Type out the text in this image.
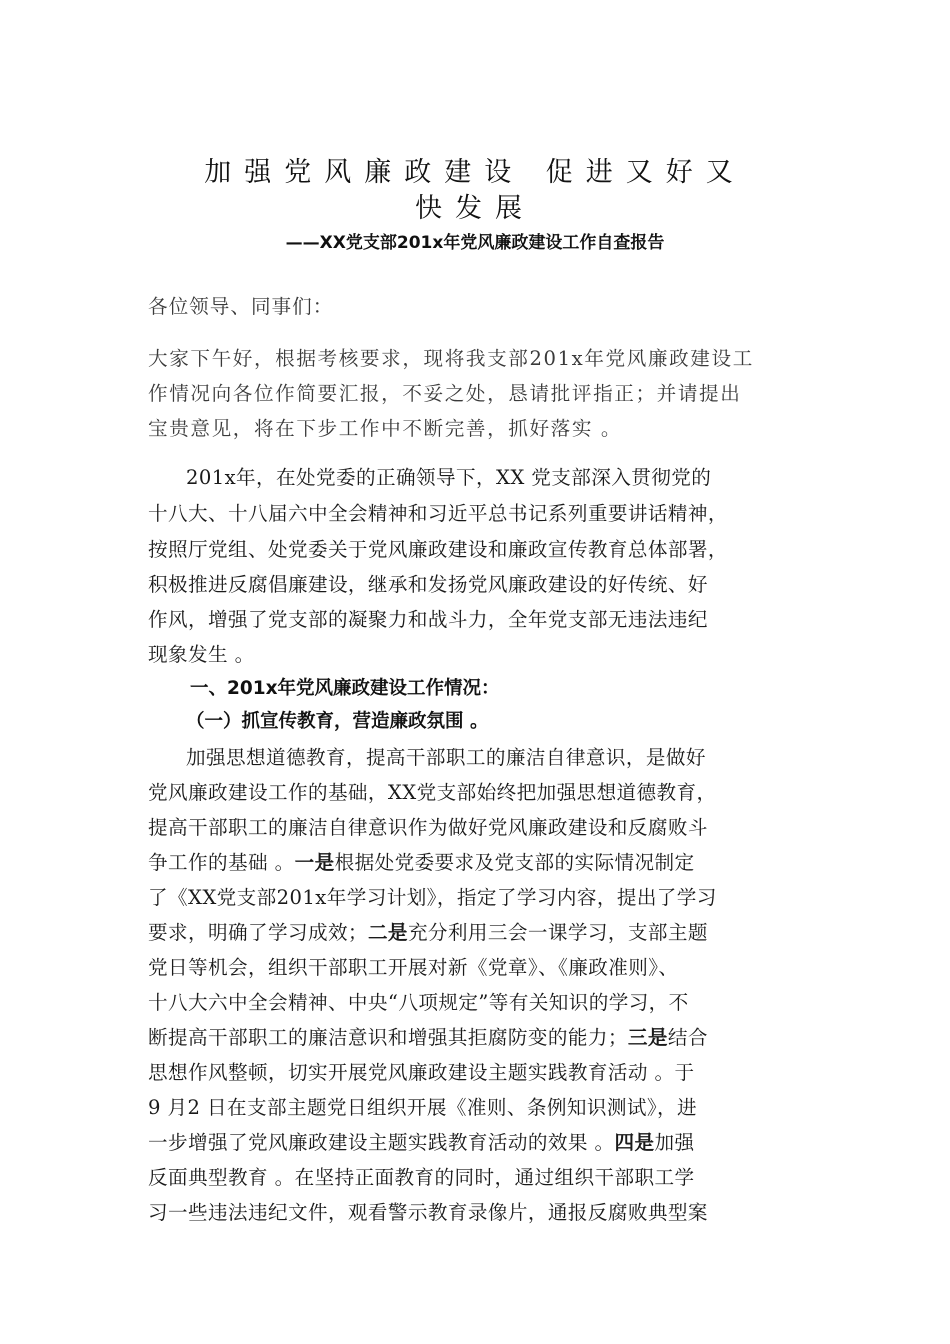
加强党风廉政建设 促进又好又
快发展
——XX党支部201x年党风廉政建设工作自查报告
各位领导、同事们：
大家下午好，根据考核要求，现将我支部201x年党风廉政建设工
作情况向各位作简要汇报，不妥之处，恳请批评指正；并请提出
宝贵意见，将在下步工作中不断完善，抓好落实 。
201x年，在处党委的正确领导下，XX 党支部深入贯彻党的
十八大、十八届六中全会精神和习近平总书记系列重要讲话精神，
按照厅党组、处党委关于党风廉政建设和廉政宣传教育总体部署，
积极推进反腐倡廉建设，继承和发扬党风廉政建设的好传统、好
作风，增强了党支部的凝聚力和战斗力，全年党支部无违法违纪
现象发生 。
一、201x年党风廉政建设工作情况：
（一）抓宣传教育，营造廉政氛围 。
加强思想道德教育，提高干部职工的廉洁自律意识，是做好
党风廉政建设工作的基础，XX党支部始终把加强思想道德教育，
提高干部职工的廉洁自律意识作为做好党风廉政建设和反腐败斗
争工作的基础 。一是根据处党委要求及党支部的实际情况制定
了《XX党支部201x年学习计划》，指定了学习内容，提出了学习
要求，明确了学习成效；二是充分利用三会一课学习，支部主题
党日等机会，组织干部职工开展对新《党章》、《廉政准则》、
十八大六中全会精神、中央“八项规定”等有关知识的学习，不
断提高干部职工的廉洁意识和增强其拒腐防变的能力；三是结合
思想作风整顿，切实开展党风廉政建设主题实践教育活动 。于
9 月2 日在支部主题党日组织开展《准则、条例知识测试》，进
一步增强了党风廉政建设主题实践教育活动的效果 。四是加强
反面典型教育 。在坚持正面教育的同时，通过组织干部职工学
习一些违法违纪文件，观看警示教育录像片，通报反腐败典型案
